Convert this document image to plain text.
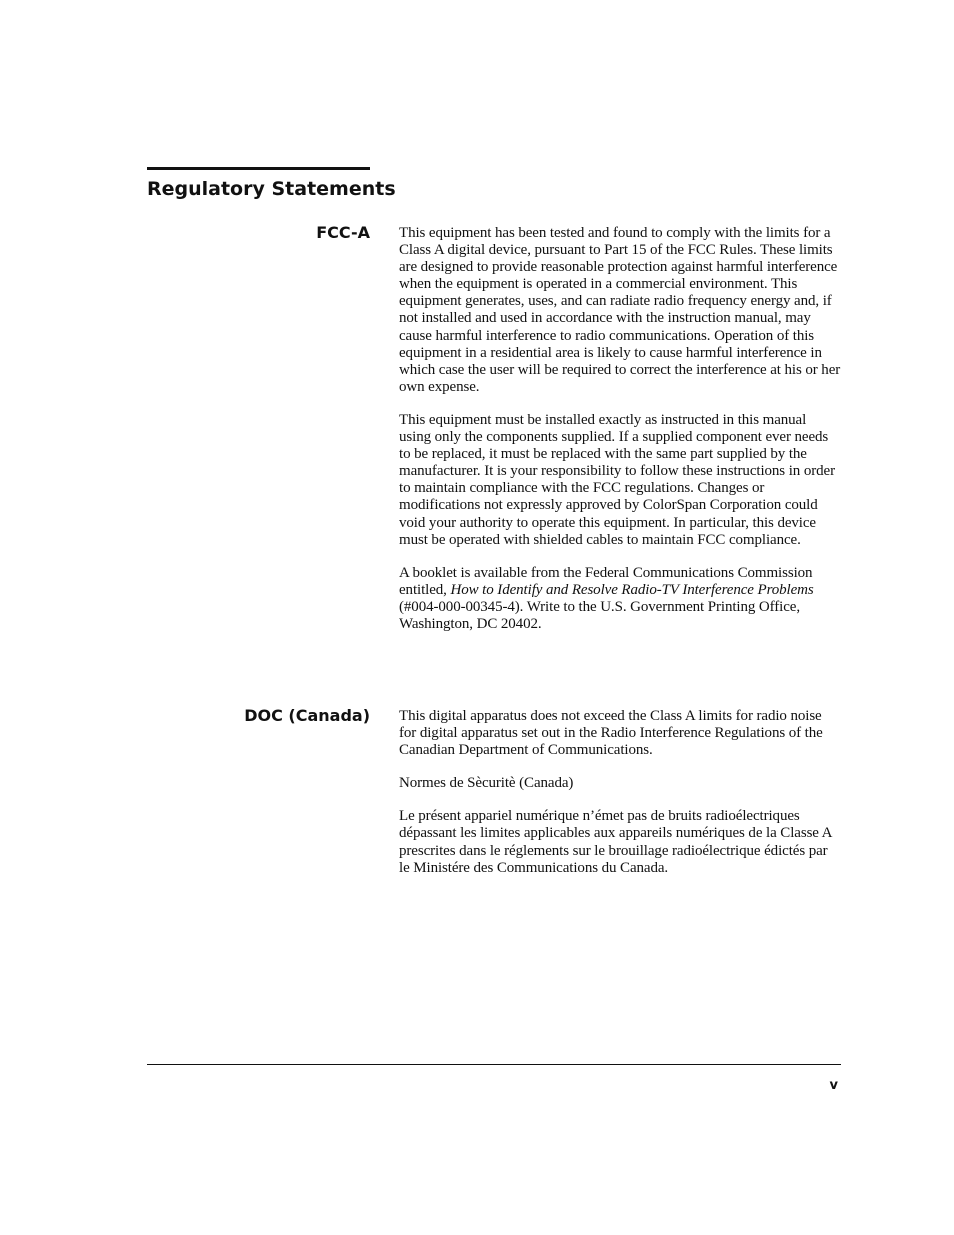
Regulatory Statements
FCC-A This equipment has been tested and found to comply with the limits for a Class A digital device, pursuant to Part 15 of the FCC Rules. These limits are designed to provide reasonable protection against harmful interference when the equipment is operated in a commercial environment. This equipment generates, uses, and can radiate radio frequency energy and, if not installed and used in accordance with the instruction manual, may cause harmful interference to radio communications. Operation of this equipment in a residential area is likely to cause harmful interference in which case the user will be required to correct the interference at his or her own expense.

This equipment must be installed exactly as instructed in this manual using only the components supplied. If a supplied component ever needs to be replaced, it must be replaced with the same part supplied by the manufacturer. It is your responsibility to follow these instructions in order to maintain compliance with the FCC regulations. Changes or modifications not expressly approved by ColorSpan Corporation could void your authority to operate this equipment. In particular, this device must be operated with shielded cables to maintain FCC compliance.

A booklet is available from the Federal Communications Commission entitled, How to Identify and Resolve Radio-TV Interference Problems (#004-000-00345-4). Write to the U.S. Government Printing Office, Washington, DC 20402.

DOC (Canada) This digital apparatus does not exceed the Class A limits for radio noise for digital apparatus set out in the Radio Interference Regulations of the Canadian Department of Communications.

Normes de Sècuritè (Canada)

Le présent appariel numérique n’émet pas de bruits radioélectriques dépassant les limites applicables aux appareils numériques de la Classe A prescrites dans le réglements sur le brouillage radioélectrique édictés par le Ministére des Communications du Canada.

v
